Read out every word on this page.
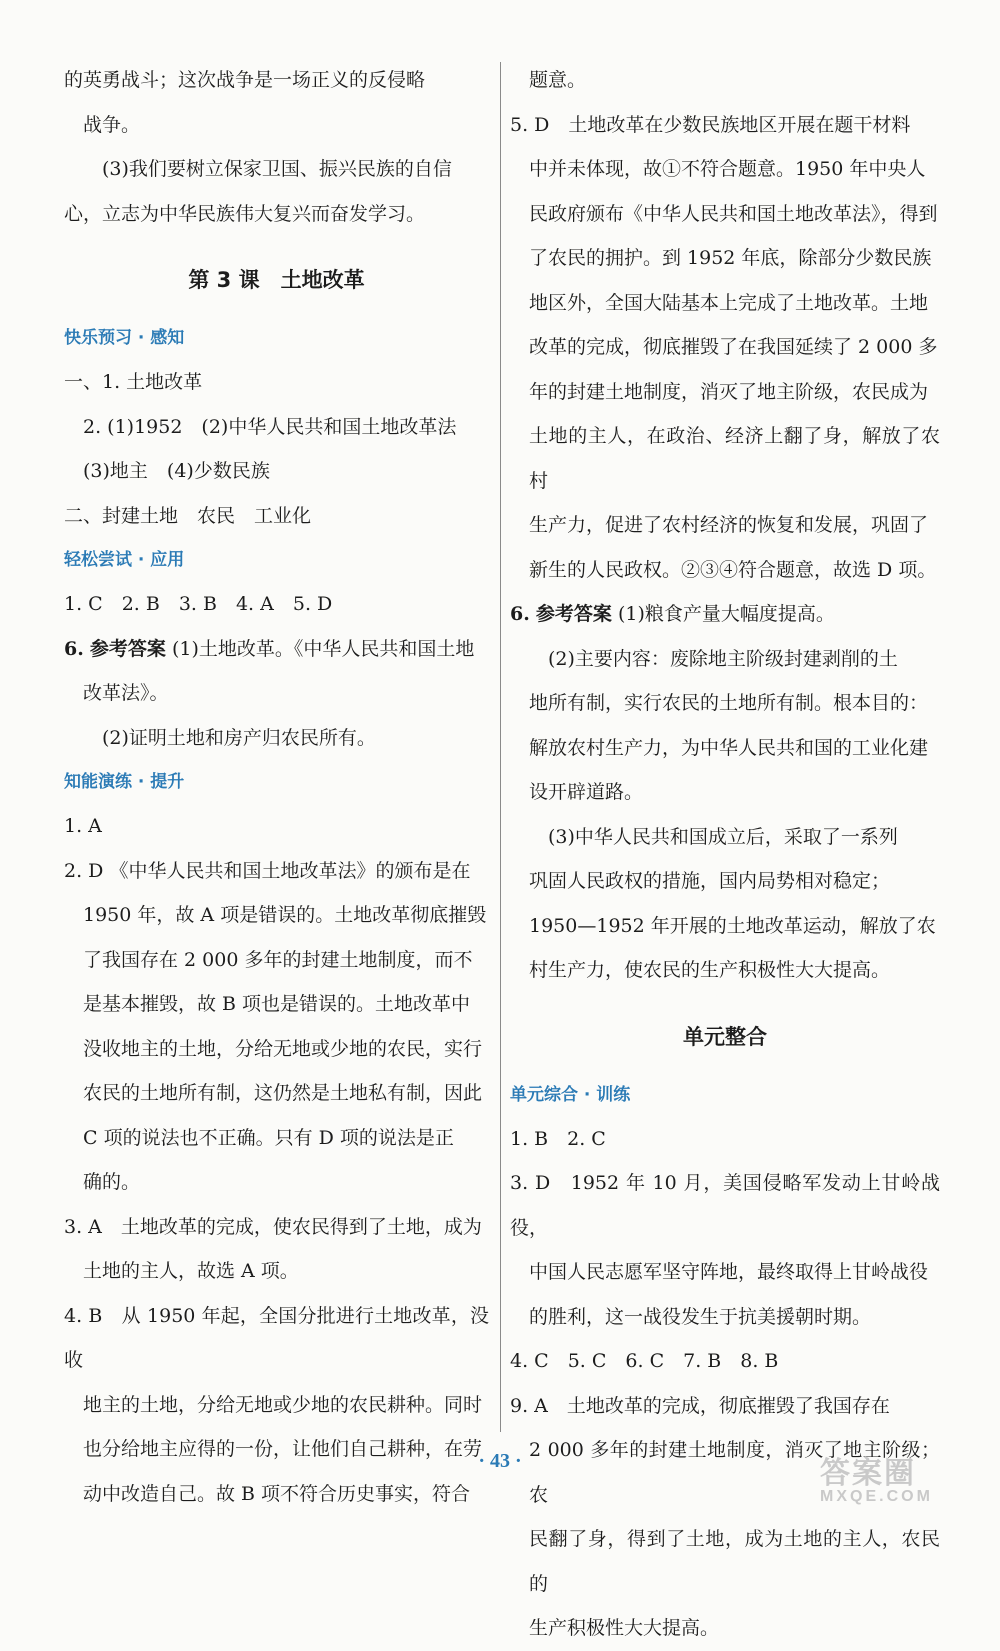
的英勇战斗；这次战争是一场正义的反侵略

战争。

(3)我们要树立保家卫国、振兴民族的自信

心，立志为中华民族伟大复兴而奋发学习。

第 3 课　土地改革

快乐预习 · 感知

一、1. 土地改革

2. (1)1952　(2)中华人民共和国土地改革法

(3)地主　(4)少数民族

二、封建土地　农民　工业化

轻松尝试 · 应用

1. C　2. B　3. B　4. A　5. D

6. 参考答案 (1)土地改革。《中华人民共和国土地

改革法》。

(2)证明土地和房产归农民所有。

知能演练 · 提升

1. A

2. D 《中华人民共和国土地改革法》的颁布是在

1950 年，故 A 项是错误的。土地改革彻底摧毁

了我国存在 2 000 多年的封建土地制度，而不

是基本摧毁，故 B 项也是错误的。土地改革中

没收地主的土地，分给无地或少地的农民，实行

农民的土地所有制，这仍然是土地私有制，因此

C 项的说法也不正确。只有 D 项的说法是正

确的。

3. A　土地改革的完成，使农民得到了土地，成为

土地的主人，故选 A 项。

4. B　从 1950 年起，全国分批进行土地改革，没收

地主的土地，分给无地或少地的农民耕种。同时

也分给地主应得的一份，让他们自己耕种，在劳

动中改造自己。故 B 项不符合历史事实，符合

题意。

5. D　土地改革在少数民族地区开展在题干材料

中并未体现，故①不符合题意。1950 年中央人

民政府颁布《中华人民共和国土地改革法》，得到

了农民的拥护。到 1952 年底，除部分少数民族

地区外，全国大陆基本上完成了土地改革。土地

改革的完成，彻底摧毁了在我国延续了 2 000 多

年的封建土地制度，消灭了地主阶级，农民成为

土地的主人，在政治、经济上翻了身，解放了农村

生产力，促进了农村经济的恢复和发展，巩固了

新生的人民政权。②③④符合题意，故选 D 项。

6. 参考答案 (1)粮食产量大幅度提高。

(2)主要内容：废除地主阶级封建剥削的土

地所有制，实行农民的土地所有制。根本目的：

解放农村生产力，为中华人民共和国的工业化建

设开辟道路。

(3)中华人民共和国成立后，采取了一系列

巩固人民政权的措施，国内局势相对稳定；

1950—1952 年开展的土地改革运动，解放了农

村生产力，使农民的生产积极性大大提高。

单元整合

单元综合 · 训练

1. B　2. C

3. D　1952 年 10 月，美国侵略军发动上甘岭战役，

中国人民志愿军坚守阵地，最终取得上甘岭战役

的胜利，这一战役发生于抗美援朝时期。

4. C　5. C　6. C　7. B　8. B

9. A　土地改革的完成，彻底摧毁了我国存在

2 000 多年的封建土地制度，消灭了地主阶级；农

民翻了身，得到了土地，成为土地的主人，农民的

生产积极性大大提高。

· 43 ·	答案圈
MXQE.COM
